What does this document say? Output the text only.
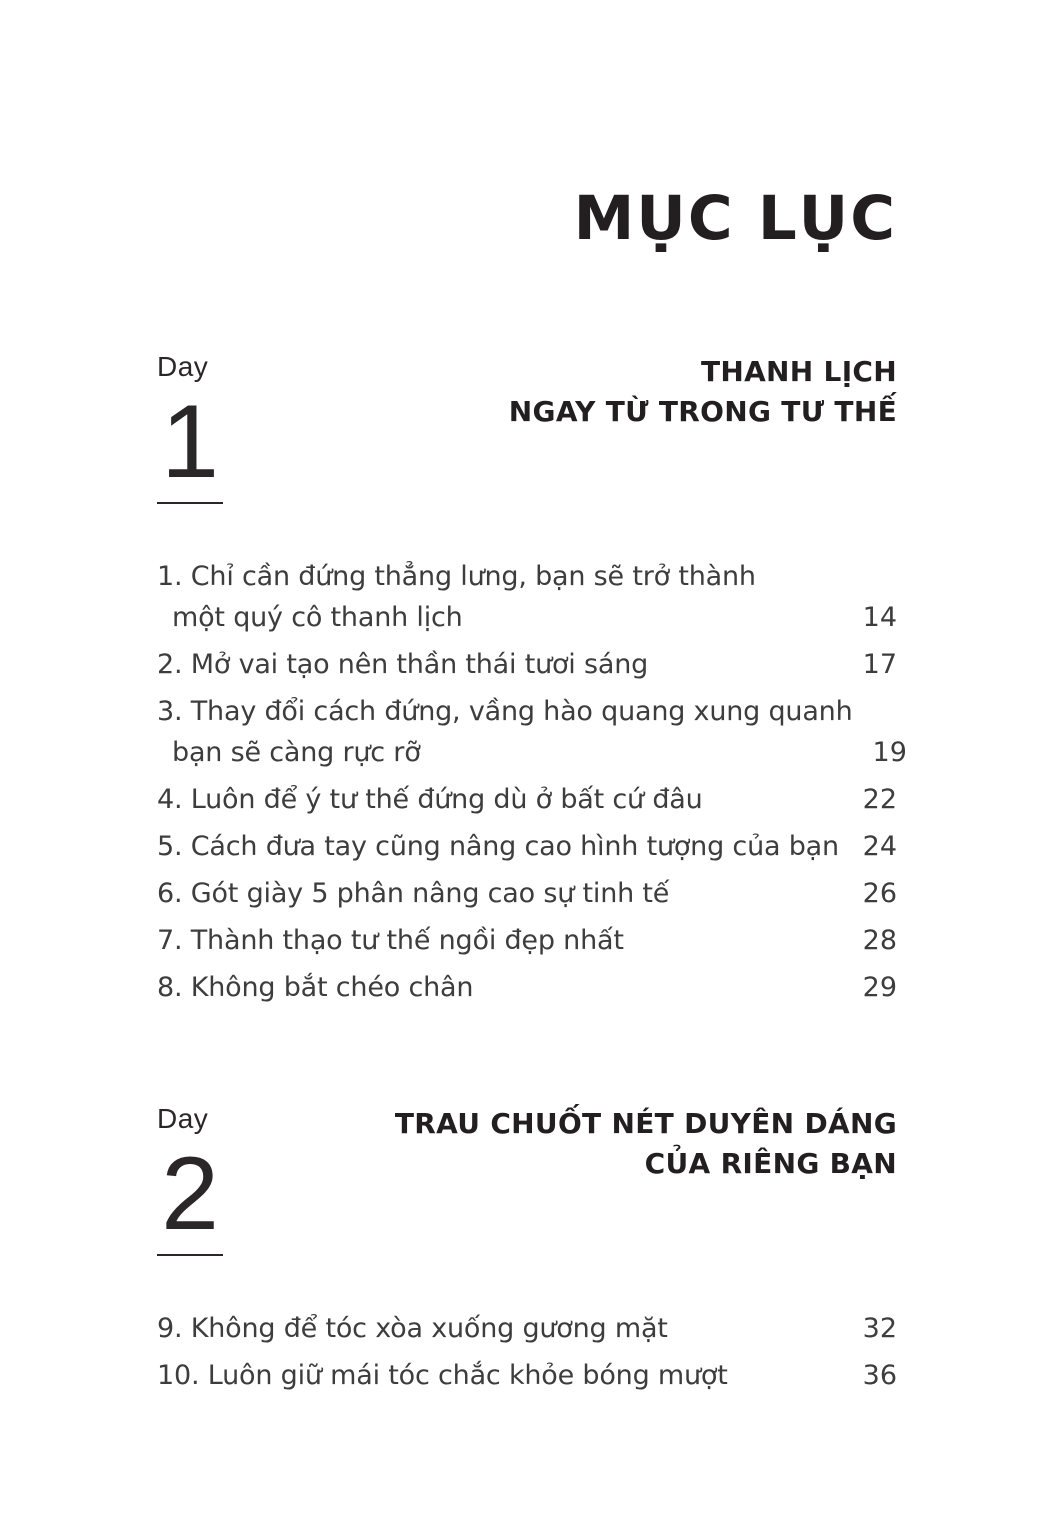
MỤC LỤC
Day
1
THANH LỊCH
NGAY TỪ TRONG TƯ THẾ
1. Chỉ cần đứng thẳng lưng, bạn sẽ trở thành
một quý cô thanh lịch	14
2. Mở vai tạo nên thần thái tươi sáng	17
3. Thay đổi cách đứng, vầng hào quang xung quanh
bạn sẽ càng rực rỡ	19
4. Luôn để ý tư thế đứng dù ở bất cứ đâu	22
5. Cách đưa tay cũng nâng cao hình tượng của bạn 24
6. Gót giày 5 phân nâng cao sự tinh tế	26
7. Thành thạo tư thế ngồi đẹp nhất	28
8. Không bắt chéo chân	29
Day
2
TRAU CHUỐT NÉT DUYÊN DÁNG
CỦA RIÊNG BẠN
9. Không để tóc xòa xuống gương mặt	32
10. Luôn giữ mái tóc chắc khỏe bóng mượt	36
